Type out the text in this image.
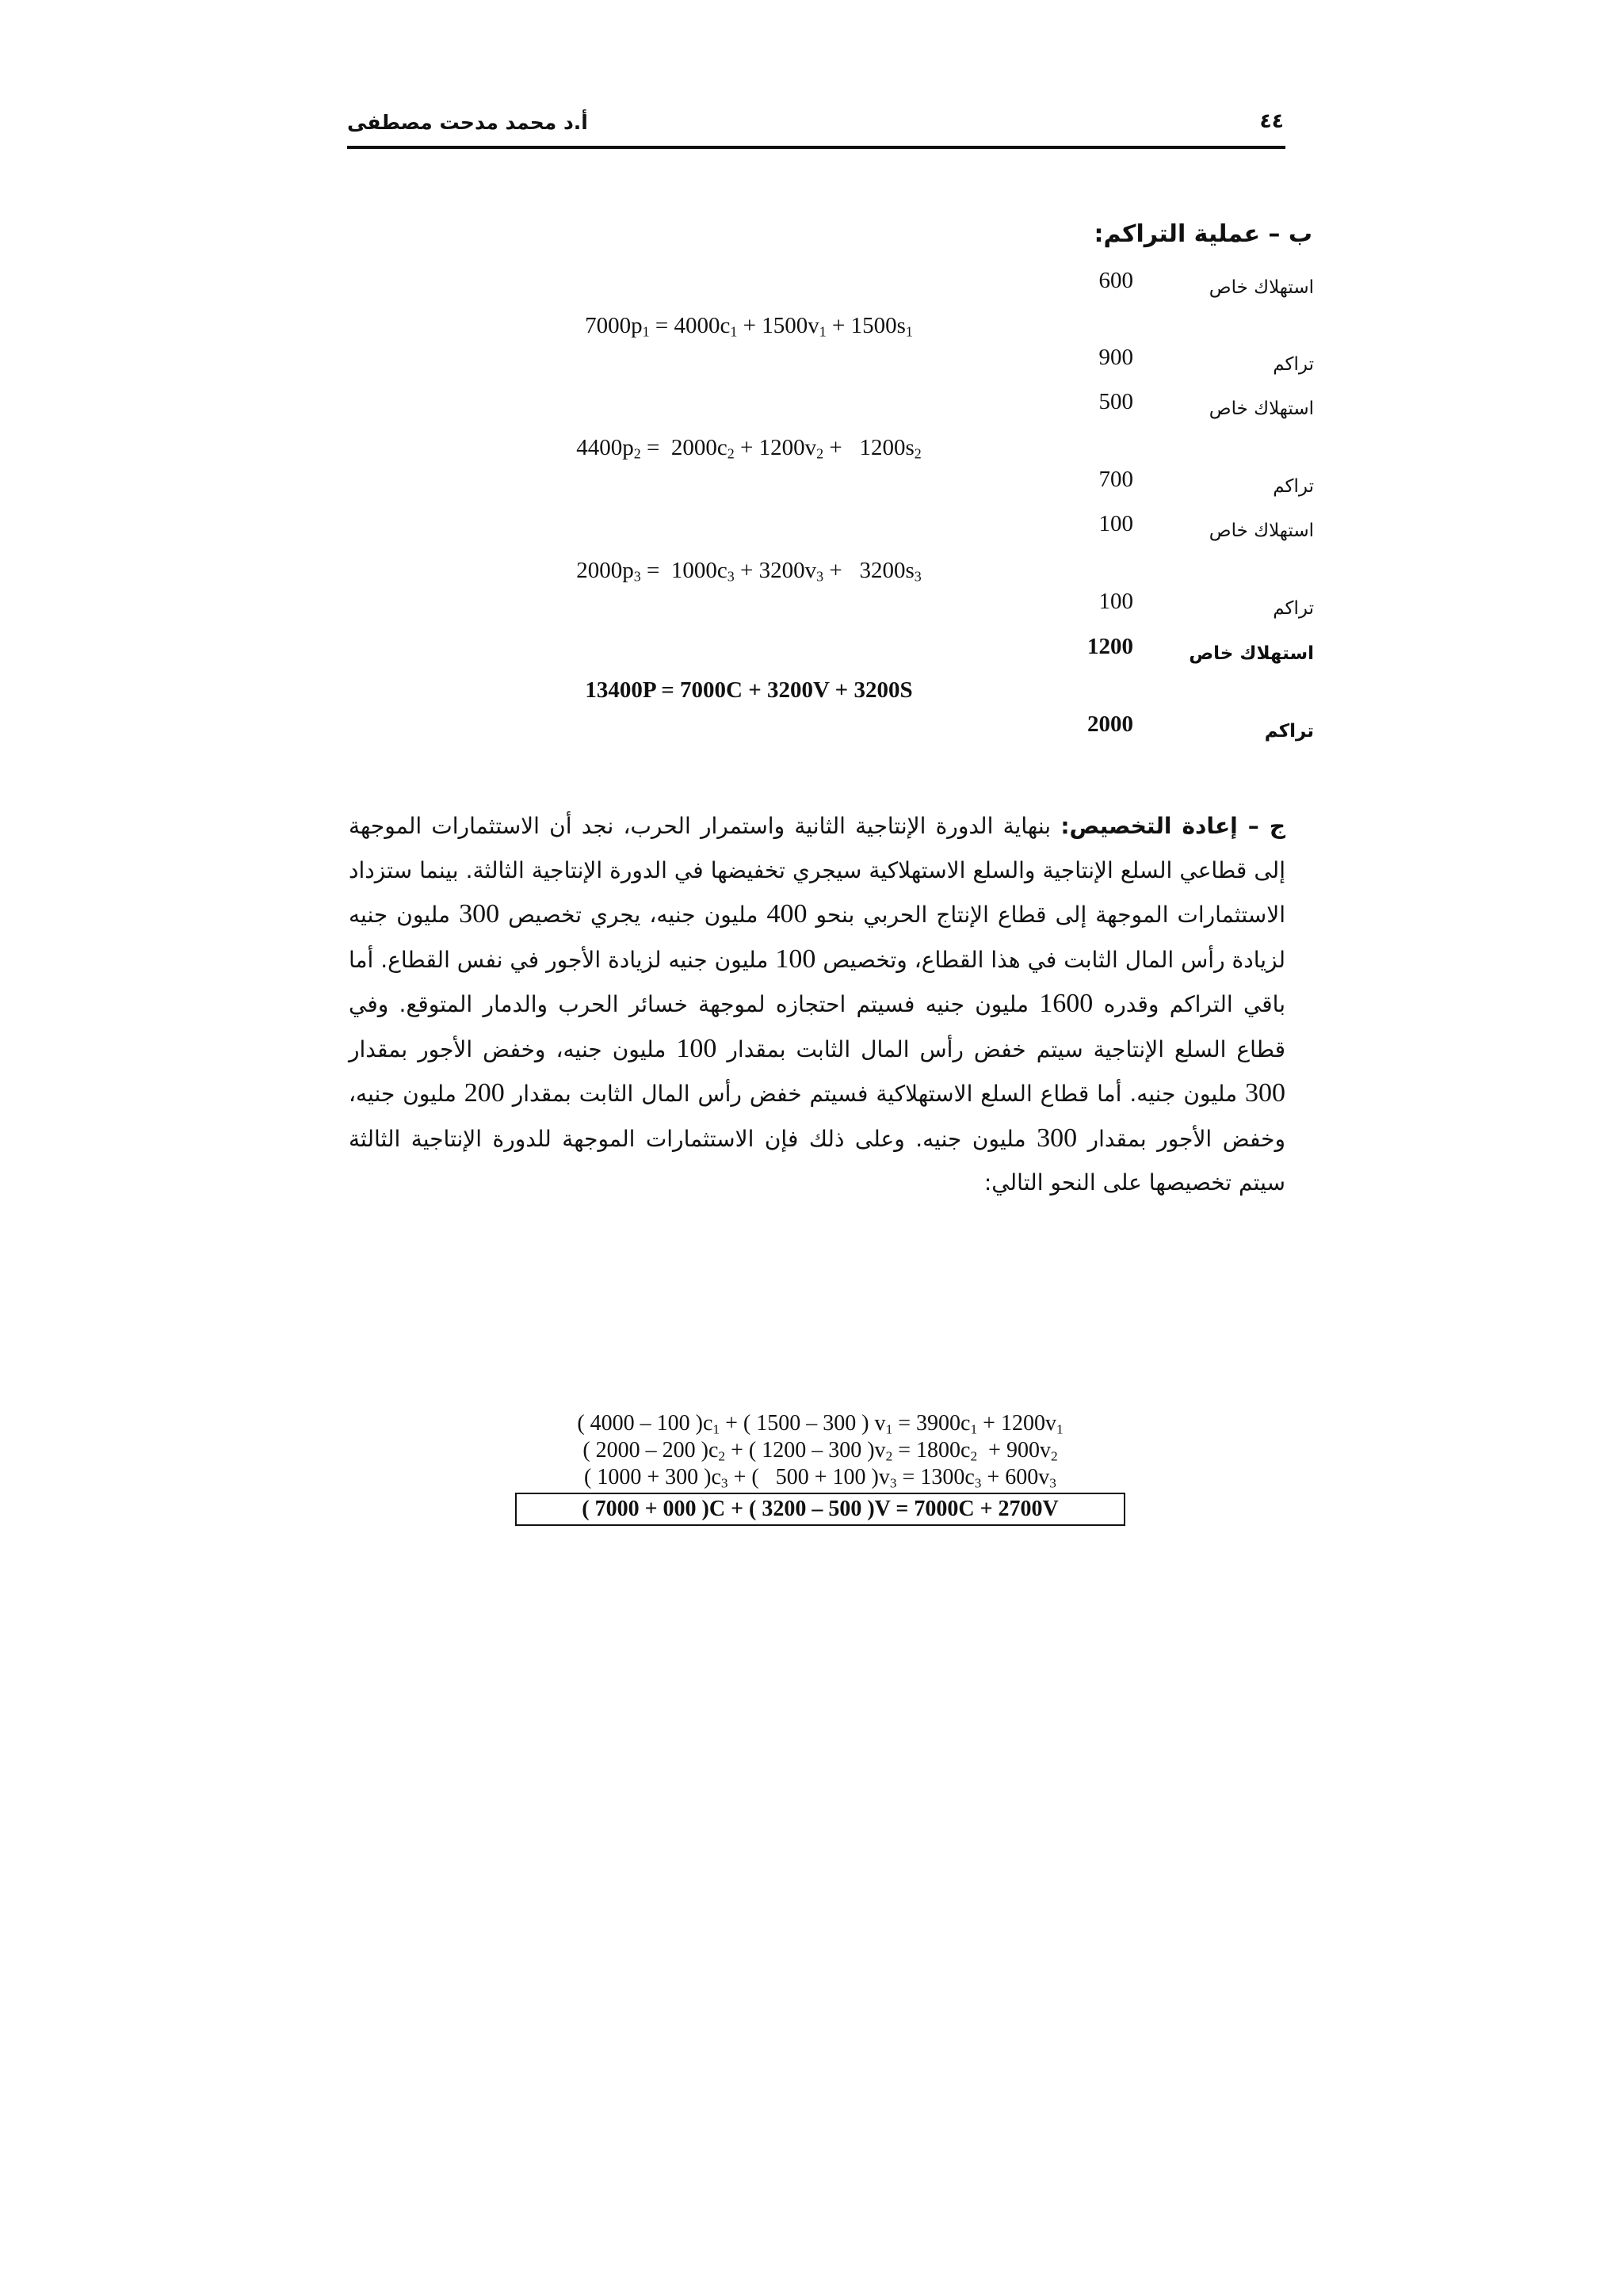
أ.د محمد مدحت مصطفى	٤٤
ب – عملية التراكم:
استهلاك خاص
600
تراكم
900
استهلاك خاص
500
تراكم
700
استهلاك خاص
100
تراكم
100
استهلاك خاص
1200
تراكم
2000
$7000p_1 = 4000c_1 + 1500v_1 + 1500s_1$
$4400p_2 = 2000c_2 + 1200v_2 + 1200s_2$
$2000p_3 = 1000c_3 + 3200v_3 + 3200s_3$
13400P = 7000C + 3200V + 3200S
ج – إعادة التخصيص: بنهاية الدورة الإنتاجية الثانية واستمرار الحرب، نجد أن الاستثمارات الموجهة إلى قطاعي السلع الإنتاجية والسلع الاستهلاكية سيجري تخفيضها في الدورة الإنتاجية الثالثة. بينما ستزداد الاستثمارات الموجهة إلى قطاع الإنتاج الحربي بنحو 400 مليون جنيه، يجري تخصيص 300 مليون جنيه لزيادة رأس المال الثابت في هذا القطاع، وتخصيص 100 مليون جنيه لزيادة الأجور في نفس القطاع. أما باقي التراكم وقدره 1600 مليون جنيه فسيتم احتجازه لموجهة خسائر الحرب والدمار المتوقع. وفي قطاع السلع الإنتاجية سيتم خفض رأس المال الثابت بمقدار 100 مليون جنيه، وخفض الأجور بمقدار 300 مليون جنيه. أما قطاع السلع الاستهلاكية فسيتم خفض رأس المال الثابت بمقدار 200 مليون جنيه، وخفض الأجور بمقدار 300 مليون جنيه. وعلى ذلك فإن الاستثمارات الموجهة للدورة الإنتاجية الثالثة سيتم تخصيصها على النحو التالي:
( 4000 – 100 )$c_1$ + ( 1500 – 300 ) $v_1 = 3900c_1 + 1200v_1$
( 2000 – 200 )$c_2$ + ( 1200 – 300 )$v_2 = 1800c_2 + 900v_2$
( 1000 + 300 )$c_3$ + (   500 + 100 )$v_3 = 1300c_3 + 600v_3$
( 7000 + 000 )C + ( 3200 – 500 )V = 7000C + 2700V
